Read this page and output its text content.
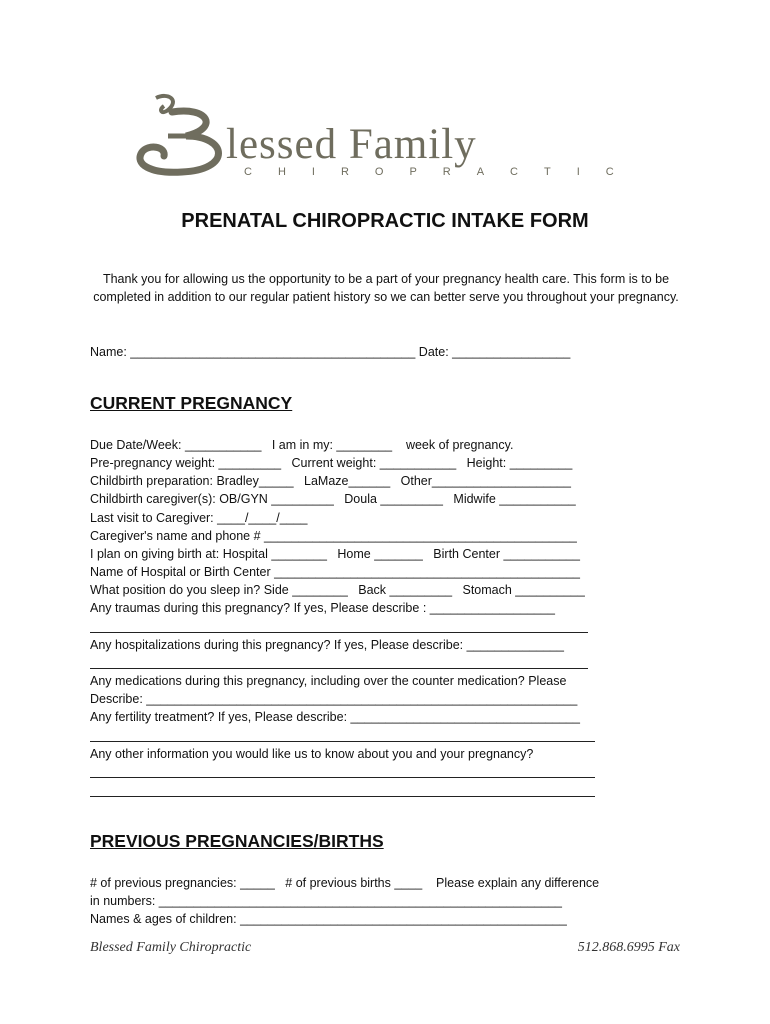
lessed Family
CHIROPRACTIC
PRENATAL CHIROPRACTIC INTAKE FORM
Thank you for allowing us the opportunity to be a part of your pregnancy health care. This form is to be completed in addition to our regular patient history so we can better serve you throughout your pregnancy.
Name: _________________________________________ Date: _________________
CURRENT PREGNANCY
Due Date/Week: ___________   I am in my: ________    week of pregnancy.
Pre-pregnancy weight: _________   Current weight: ___________   Height: _________
Childbirth preparation: Bradley_____   LaMaze______   Other____________________
Childbirth caregiver(s): OB/GYN _________   Doula _________   Midwife ___________
Last visit to Caregiver: ____/____/____
Caregiver's name and phone # _____________________________________________
I plan on giving birth at: Hospital ________   Home _______   Birth Center ___________
Name of Hospital or Birth Center ____________________________________________
What position do you sleep in? Side ________   Back _________   Stomach __________
Any traumas during this pregnancy? If yes, Please describe : __________________
Any hospitalizations during this pregnancy? If yes, Please describe: ______________
Any medications during this pregnancy, including over the counter medication? Please
Describe: ______________________________________________________________
Any fertility treatment? If yes, Please describe: _________________________________
Any other information you would like us to know about you and your pregnancy?
PREVIOUS PREGNANCIES/BIRTHS
# of previous pregnancies: _____   # of previous births ____    Please explain any difference
in numbers: __________________________________________________________
Names & ages of children: _______________________________________________
Blessed Family Chiropractic	512.868.6995 Fax
